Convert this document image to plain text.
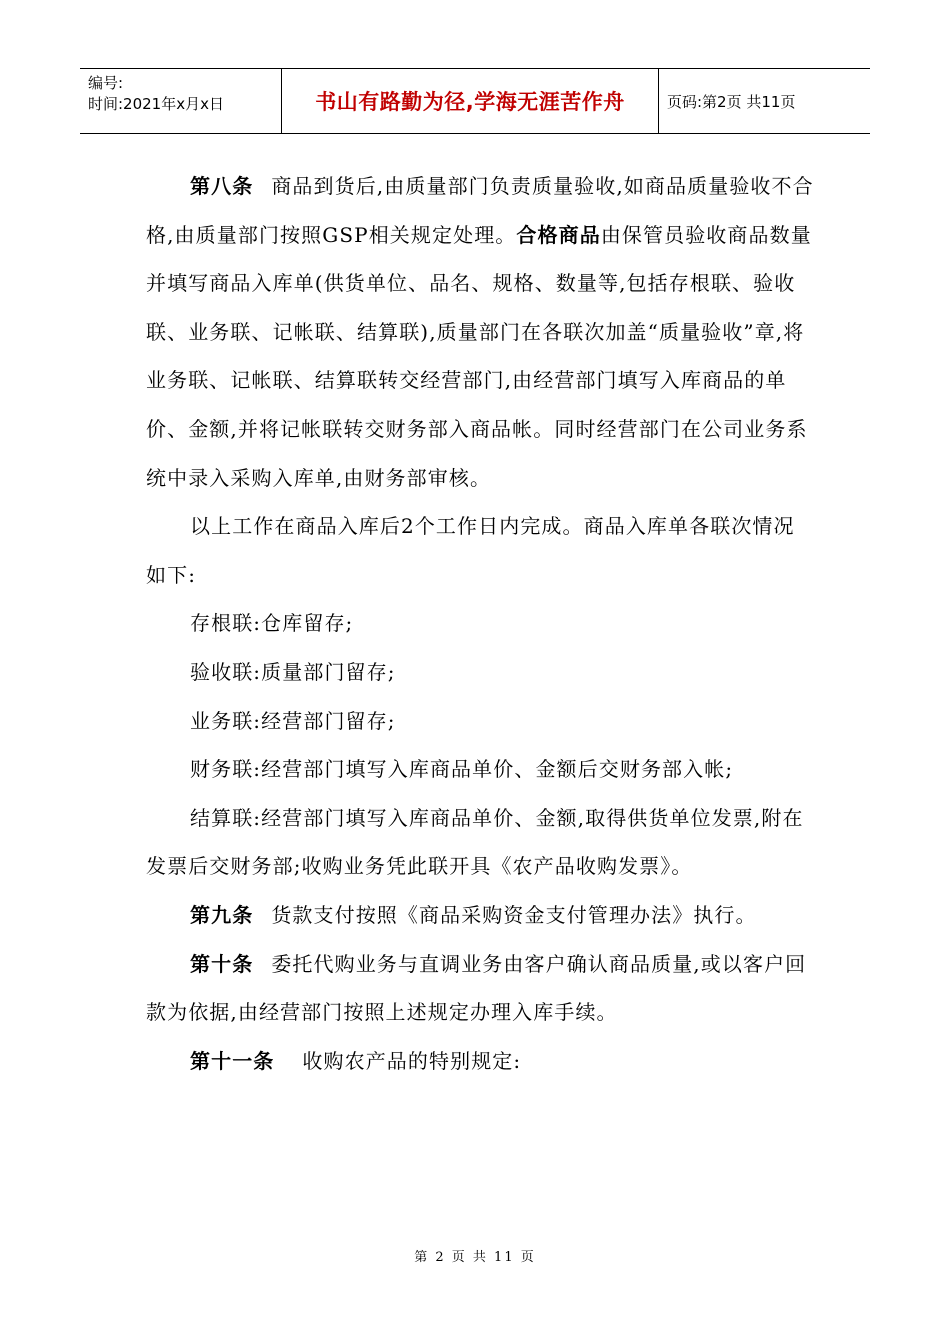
编号:
时间:2021年x月x日	书山有路勤为径,学海无涯苦作舟	页码:第2页 共11页

第八条 商品到货后,由质量部门负责质量验收,如商品质量验收不合格,由质量部门按照GSP相关规定处理。合格商品由保管员验收商品数量并填写商品入库单(供货单位、品名、规格、数量等,包括存根联、验收联、业务联、记帐联、结算联),质量部门在各联次加盖“质量验收”章,将业务联、记帐联、结算联转交经营部门,由经营部门填写入库商品的单价、金额,并将记帐联转交财务部入商品帐。同时经营部门在公司业务系统中录入采购入库单,由财务部审核。

以上工作在商品入库后2个工作日内完成。商品入库单各联次情况如下:

存根联:仓库留存;

验收联:质量部门留存;

业务联:经营部门留存;

财务联:经营部门填写入库商品单价、金额后交财务部入帐;

结算联:经营部门填写入库商品单价、金额,取得供货单位发票,附在发票后交财务部;收购业务凭此联开具《农产品收购发票》。

第九条 货款支付按照《商品采购资金支付管理办法》执行。

第十条 委托代购业务与直调业务由客户确认商品质量,或以客户回款为依据,由经营部门按照上述规定办理入库手续。

第十一条 收购农产品的特别规定:

第 2 页 共 11 页
